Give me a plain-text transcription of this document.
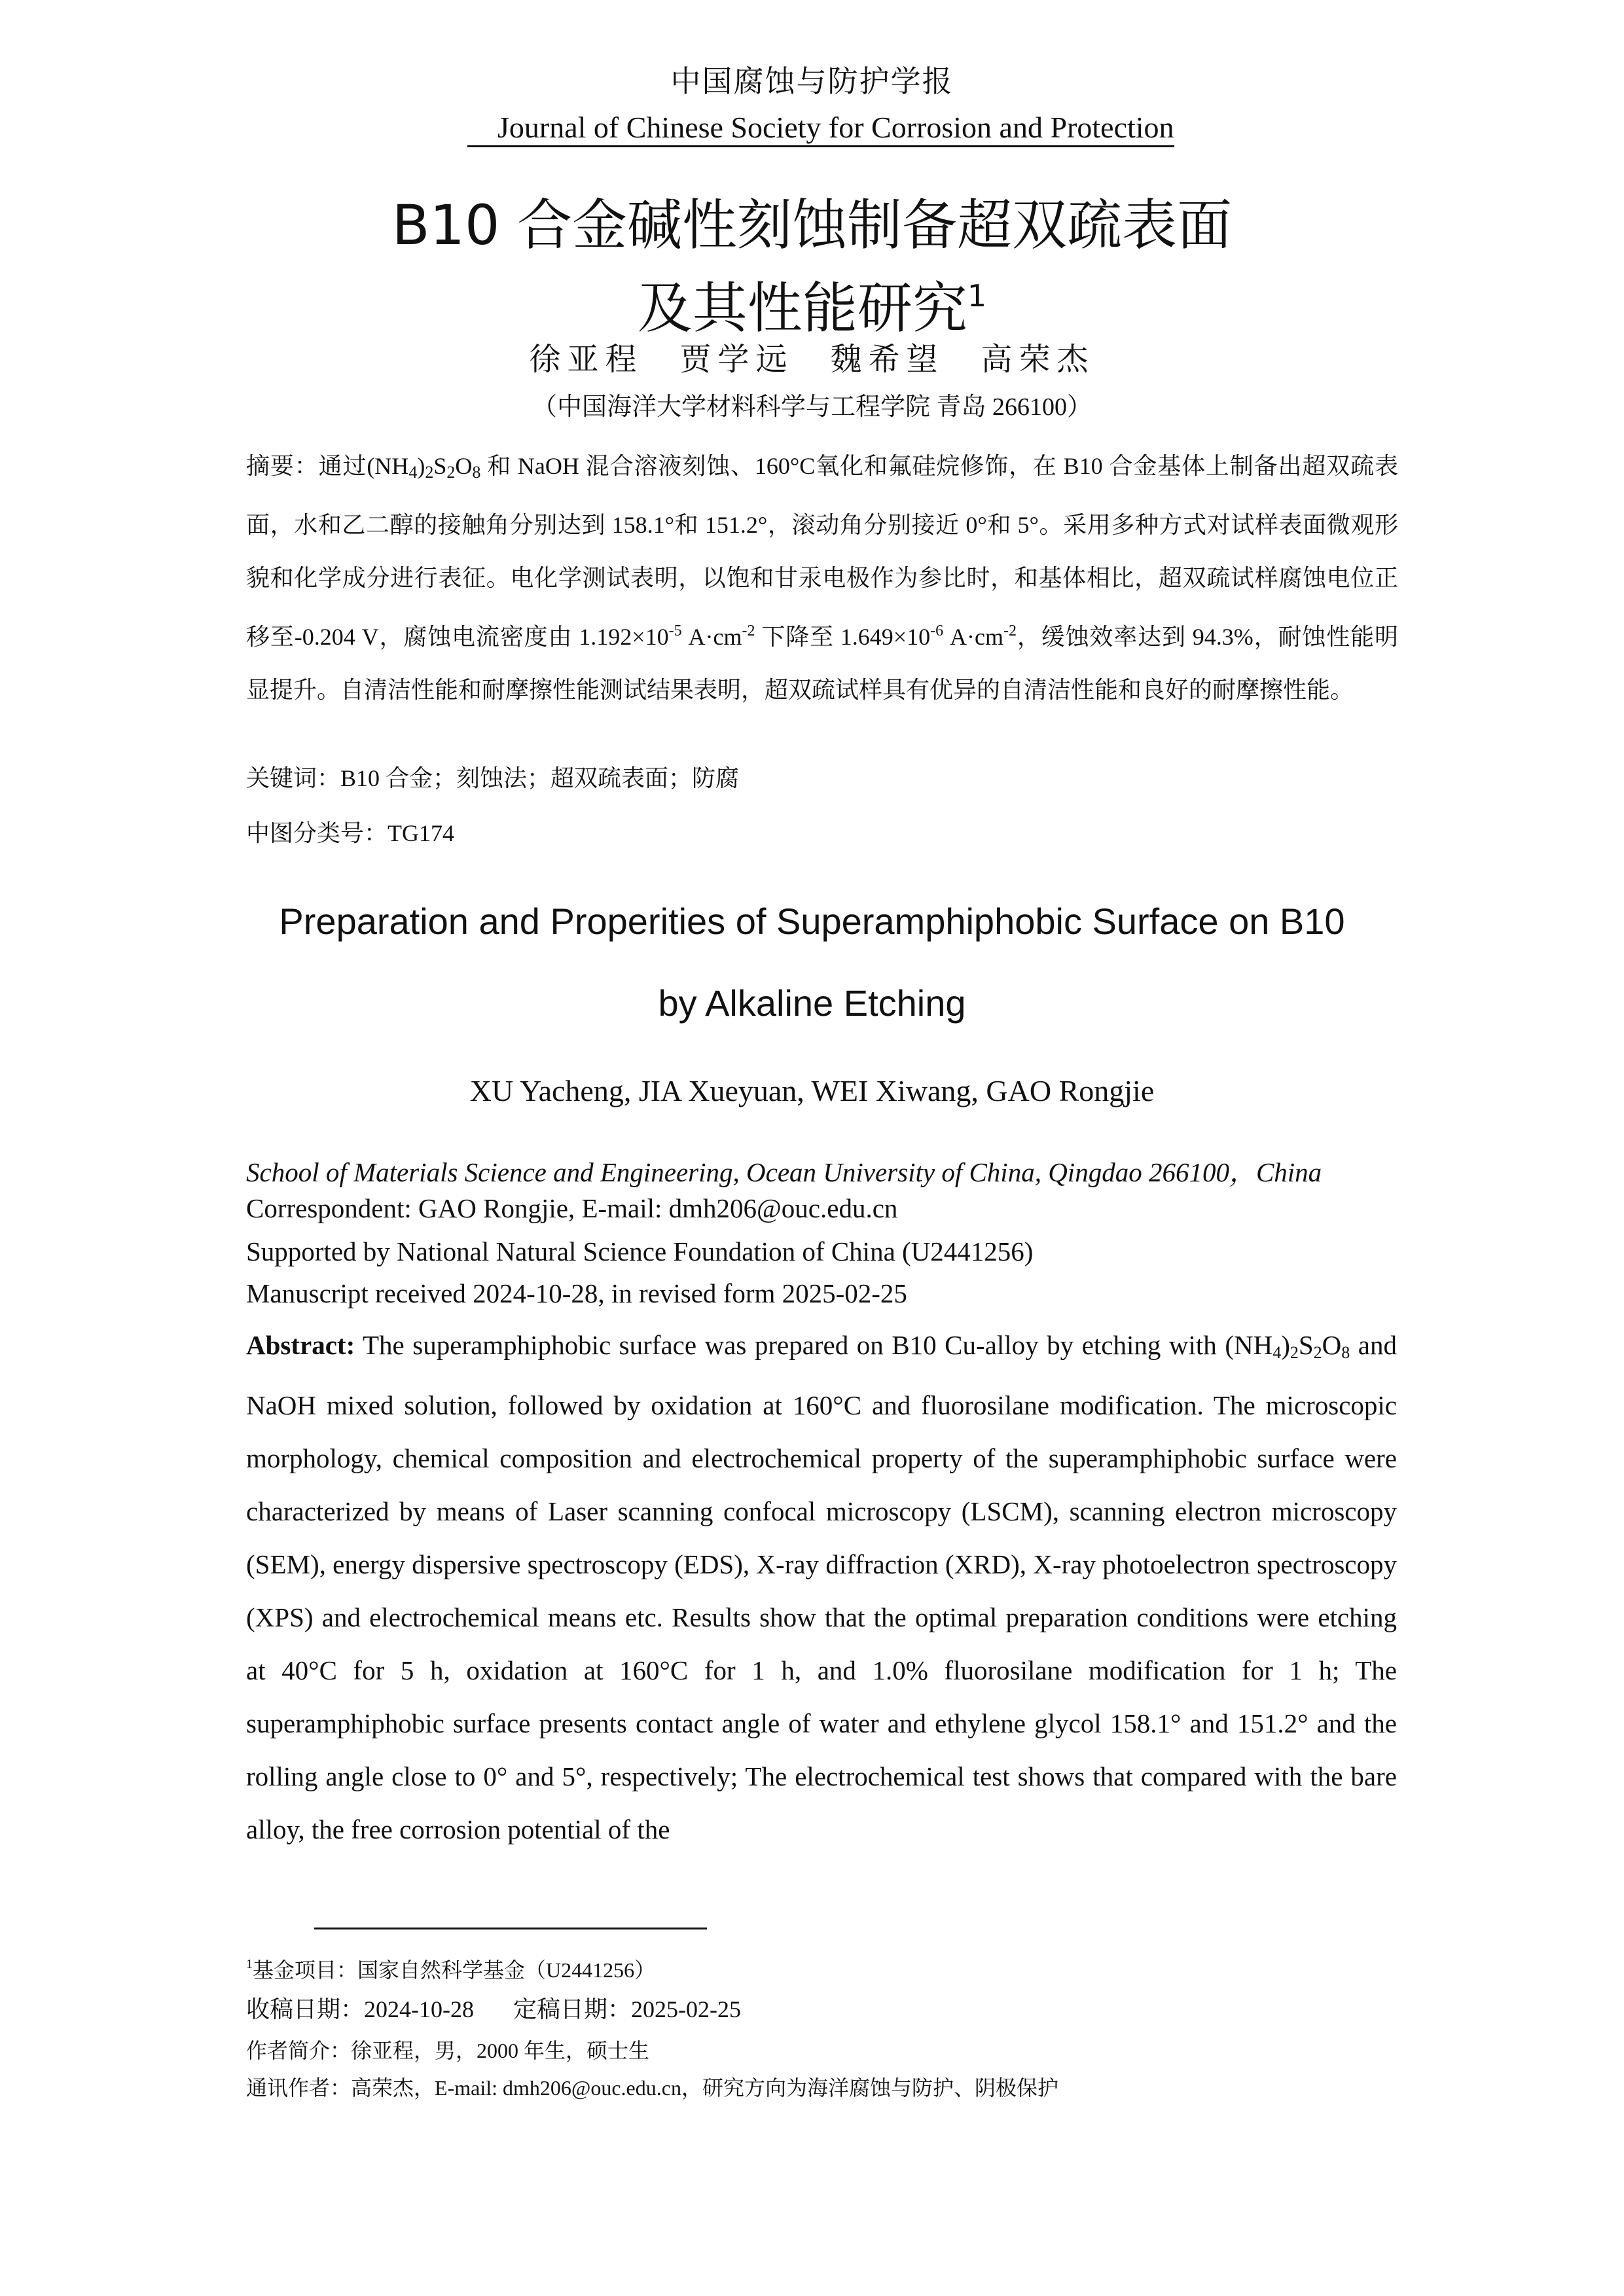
中国腐蚀与防护学报
Journal of Chinese Society for Corrosion and Protection
B10 合金碱性刻蚀制备超双疏表面
及其性能研究$^1$
徐亚程 贾学远 魏希望 高荣杰
（中国海洋大学材料科学与工程学院 青岛 266100）
摘要：通过$(NH_4)_2S_2O_8$ 和 NaOH 混合溶液刻蚀、160°C氧化和氟硅烷修饰，在 B10 合金基体上制备出超双疏表面，水和乙二醇的接触角分别达到 158.1°和 151.2°，滚动角分别接近 0°和 5°。采用多种方式对试样表面微观形貌和化学成分进行表征。电化学测试表明，以饱和甘汞电极作为参比时，和基体相比，超双疏试样腐蚀电位正移至-0.204 V，腐蚀电流密度由 $1.192\times 10^{-5}$ $A\cdot cm^{-2}$ 下降至 $1.649\times 10^{-6}$ $A\cdot cm^{-2}$，缓蚀效率达到 94.3%，耐蚀性能明显提升。自清洁性能和耐摩擦性能测试结果表明，超双疏试样具有优异的自清洁性能和良好的耐摩擦性能。
关键词：B10 合金；刻蚀法；超双疏表面；防腐
中图分类号：TG174
Preparation and Properities of Superamphiphobic Surface on B10
by Alkaline Etching
XU Yacheng, JIA Xueyuan, WEI Xiwang, GAO Rongjie
School of Materials Science and Engineering, Ocean University of China, Qingdao 266100，China
Correspondent: GAO Rongjie, E-mail: dmh206@ouc.edu.cn
Supported by National Natural Science Foundation of China (U2441256)
Manuscript received 2024-10-28, in revised form 2025-02-25
Abstract: The superamphiphobic surface was prepared on B10 Cu-alloy by etching with $(NH_4)_2S_2O_8$ and NaOH mixed solution, followed by oxidation at 160°C and fluorosilane modification. The microscopic morphology, chemical composition and electrochemical property of the superamphiphobic surface were characterized by means of Laser scanning confocal microscopy (LSCM), scanning electron microscopy (SEM), energy dispersive spectroscopy (EDS), X-ray diffraction (XRD), X-ray photoelectron spectroscopy (XPS) and electrochemical means etc. Results show that the optimal preparation conditions were etching at 40°C for 5 h, oxidation at 160°C for 1 h, and 1.0% fluorosilane modification for 1 h; The superamphiphobic surface presents contact angle of water and ethylene glycol 158.1° and 151.2° and the rolling angle close to 0° and 5°, respectively; The electrochemical test shows that compared with the bare alloy, the free corrosion potential of the
$^1$基金项目：国家自然科学基金（U2441256）
收稿日期：2024-10-28 定稿日期：2025-02-25
作者简介：徐亚程，男，2000 年生，硕士生
通讯作者：高荣杰，E-mail: dmh206@ouc.edu.cn，研究方向为海洋腐蚀与防护、阴极保护
